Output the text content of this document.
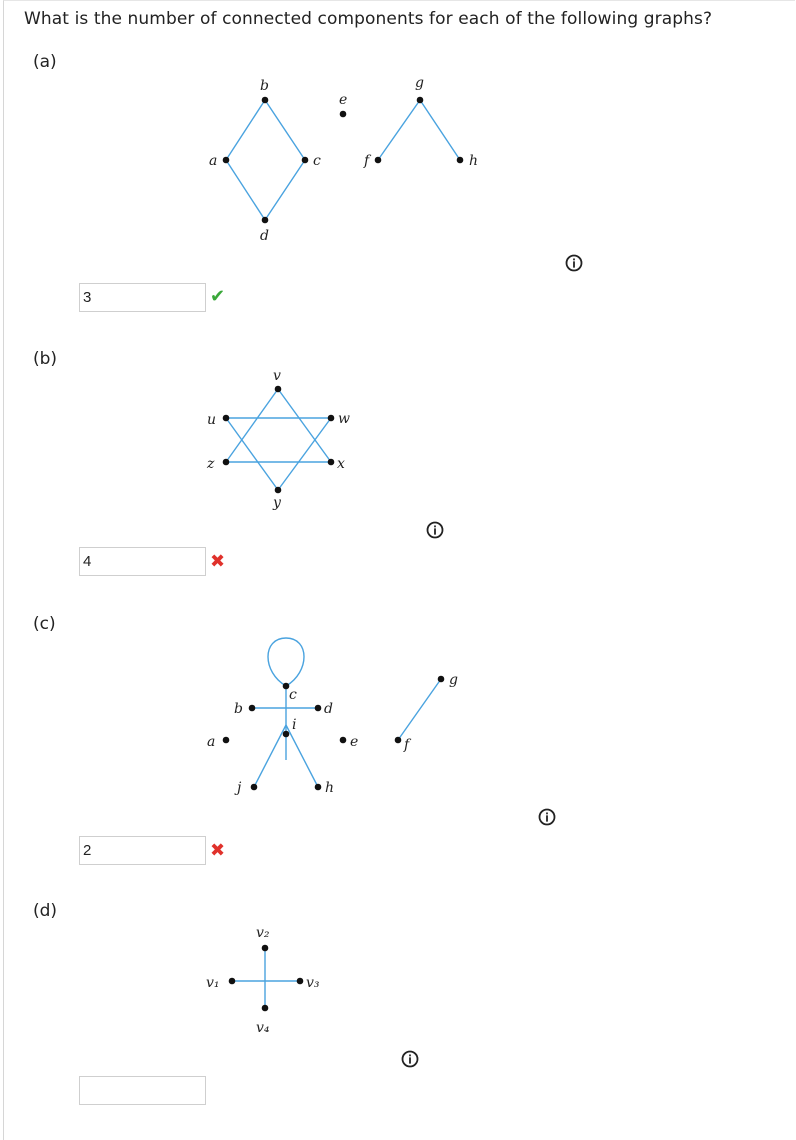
What is the number of connected components for each of the following graphs?
(a)
a
b
c
d
e
f
g
h
3	✔
(b)
u
v
w
x
y
z
4	✖
(c)
a
b
c
d
e	f
g
h
i
j
2	✖
(d)
v₁
v₂
v₃
v₄
